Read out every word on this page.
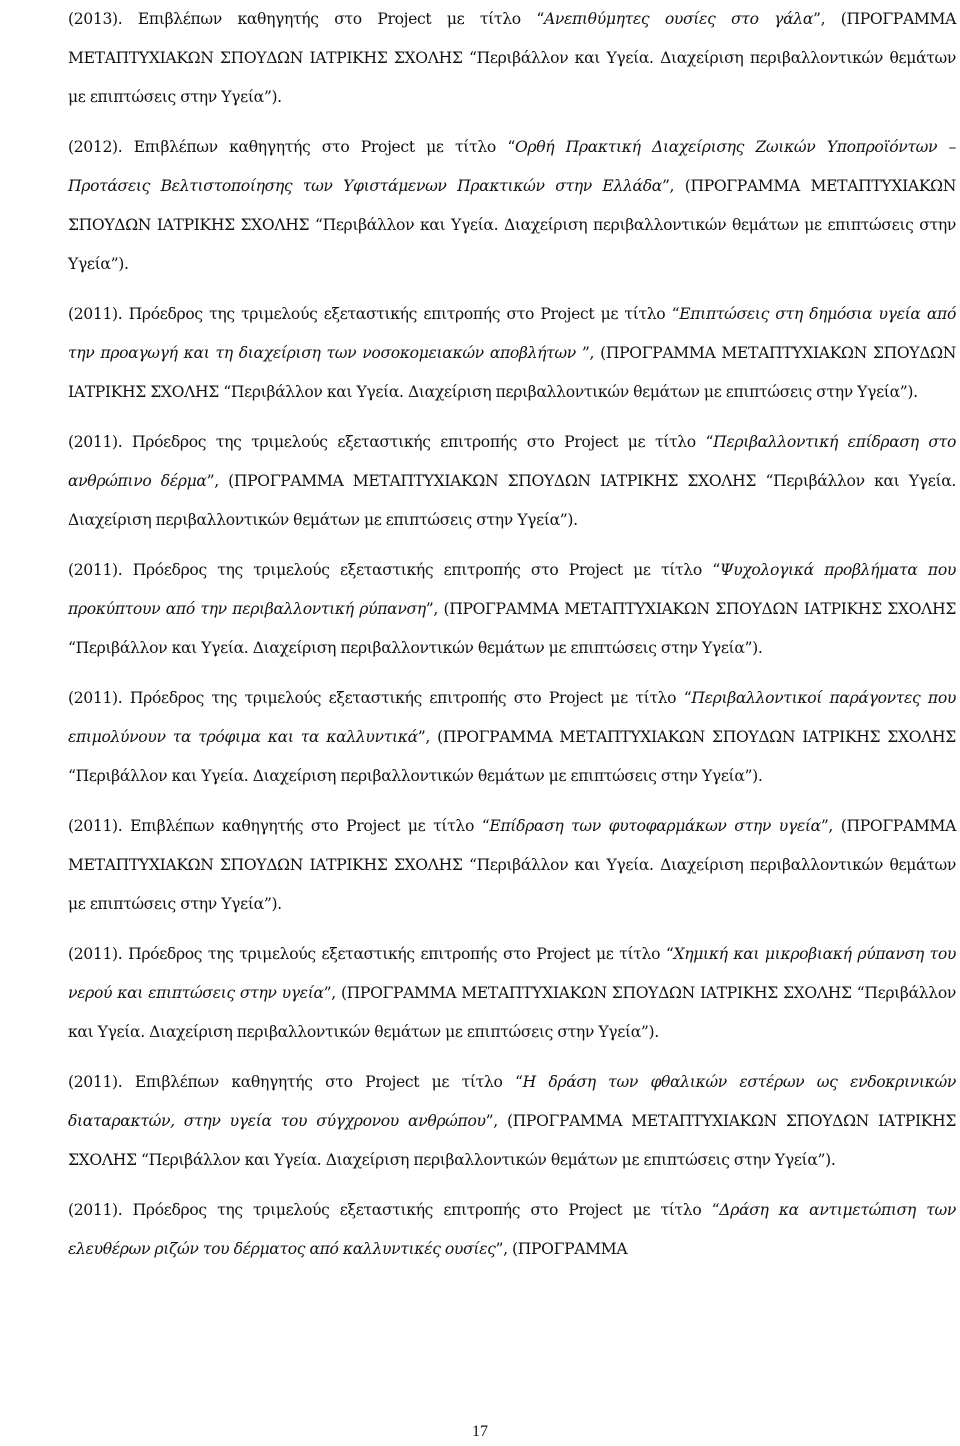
(2013). Επιβλέπων καθηγητής στο Project με τίτλο “Ανεπιθύμητες ουσίες στο γάλα”, (ΠΡΟΓΡΑΜΜΑ ΜΕΤΑΠΤΥΧΙΑΚΩΝ ΣΠΟΥΔΩΝ ΙΑΤΡΙΚΗΣ ΣΧΟΛΗΣ “Περιβάλλον και Υγεία. Διαχείριση περιβαλλοντικών θεμάτων με επιπτώσεις στην Υγεία”).
(2012). Επιβλέπων καθηγητής στο Project με τίτλο “Ορθή Πρακτική Διαχείρισης Ζωικών Υποπροϊόντων – Προτάσεις Βελτιστοποίησης των Υφιστάμενων Πρακτικών στην Ελλάδα”, (ΠΡΟΓΡΑΜΜΑ ΜΕΤΑΠΤΥΧΙΑΚΩΝ ΣΠΟΥΔΩΝ ΙΑΤΡΙΚΗΣ ΣΧΟΛΗΣ “Περιβάλλον και Υγεία. Διαχείριση περιβαλλοντικών θεμάτων με επιπτώσεις στην Υγεία”).
(2011). Πρόεδρος της τριμελούς εξεταστικής επιτροπής στο Project με τίτλο “Επιπτώσεις στη δημόσια υγεία από την προαγωγή και τη διαχείριση των νοσοκομειακών αποβλήτων ”, (ΠΡΟΓΡΑΜΜΑ ΜΕΤΑΠΤΥΧΙΑΚΩΝ ΣΠΟΥΔΩΝ ΙΑΤΡΙΚΗΣ ΣΧΟΛΗΣ “Περιβάλλον και Υγεία. Διαχείριση περιβαλλοντικών θεμάτων με επιπτώσεις στην Υγεία”).
(2011). Πρόεδρος της τριμελούς εξεταστικής επιτροπής στο Project με τίτλο “Περιβαλλοντική επίδραση στο ανθρώπινο δέρμα”, (ΠΡΟΓΡΑΜΜΑ ΜΕΤΑΠΤΥΧΙΑΚΩΝ ΣΠΟΥΔΩΝ ΙΑΤΡΙΚΗΣ ΣΧΟΛΗΣ “Περιβάλλον και Υγεία. Διαχείριση περιβαλλοντικών θεμάτων με επιπτώσεις στην Υγεία”).
(2011). Πρόεδρος της τριμελούς εξεταστικής επιτροπής στο Project με τίτλο “Ψυχολογικά προβλήματα που προκύπτουν από την περιβαλλοντική ρύπανση”, (ΠΡΟΓΡΑΜΜΑ ΜΕΤΑΠΤΥΧΙΑΚΩΝ ΣΠΟΥΔΩΝ ΙΑΤΡΙΚΗΣ ΣΧΟΛΗΣ “Περιβάλλον και Υγεία. Διαχείριση περιβαλλοντικών θεμάτων με επιπτώσεις στην Υγεία”).
(2011). Πρόεδρος της τριμελούς εξεταστικής επιτροπής στο Project με τίτλο “Περιβαλλοντικοί παράγοντες που επιμολύνουν τα τρόφιμα και τα καλλυντικά”, (ΠΡΟΓΡΑΜΜΑ ΜΕΤΑΠΤΥΧΙΑΚΩΝ ΣΠΟΥΔΩΝ ΙΑΤΡΙΚΗΣ ΣΧΟΛΗΣ “Περιβάλλον και Υγεία. Διαχείριση περιβαλλοντικών θεμάτων με επιπτώσεις στην Υγεία”).
(2011). Επιβλέπων καθηγητής στο Project με τίτλο “Επίδραση των φυτοφαρμάκων στην υγεία”, (ΠΡΟΓΡΑΜΜΑ ΜΕΤΑΠΤΥΧΙΑΚΩΝ ΣΠΟΥΔΩΝ ΙΑΤΡΙΚΗΣ ΣΧΟΛΗΣ “Περιβάλλον και Υγεία. Διαχείριση περιβαλλοντικών θεμάτων με επιπτώσεις στην Υγεία”).
(2011). Πρόεδρος της τριμελούς εξεταστικής επιτροπής στο Project με τίτλο “Χημική και μικροβιακή ρύπανση του νερού και επιπτώσεις στην υγεία”, (ΠΡΟΓΡΑΜΜΑ ΜΕΤΑΠΤΥΧΙΑΚΩΝ ΣΠΟΥΔΩΝ ΙΑΤΡΙΚΗΣ ΣΧΟΛΗΣ “Περιβάλλον και Υγεία. Διαχείριση περιβαλλοντικών θεμάτων με επιπτώσεις στην Υγεία”).
(2011). Επιβλέπων καθηγητής στο Project με τίτλο “Η δράση των φθαλικών εστέρων ως ενδοκρινικών διαταρακτών, στην υγεία του σύγχρονου ανθρώπου”, (ΠΡΟΓΡΑΜΜΑ ΜΕΤΑΠΤΥΧΙΑΚΩΝ ΣΠΟΥΔΩΝ ΙΑΤΡΙΚΗΣ ΣΧΟΛΗΣ “Περιβάλλον και Υγεία. Διαχείριση περιβαλλοντικών θεμάτων με επιπτώσεις στην Υγεία”).
(2011). Πρόεδρος της τριμελούς εξεταστικής επιτροπής στο Project με τίτλο “Δράση κα αντιμετώπιση των ελευθέρων ριζών του δέρματος από καλλυντικές ουσίες”, (ΠΡΟΓΡΑΜΜΑ
17
